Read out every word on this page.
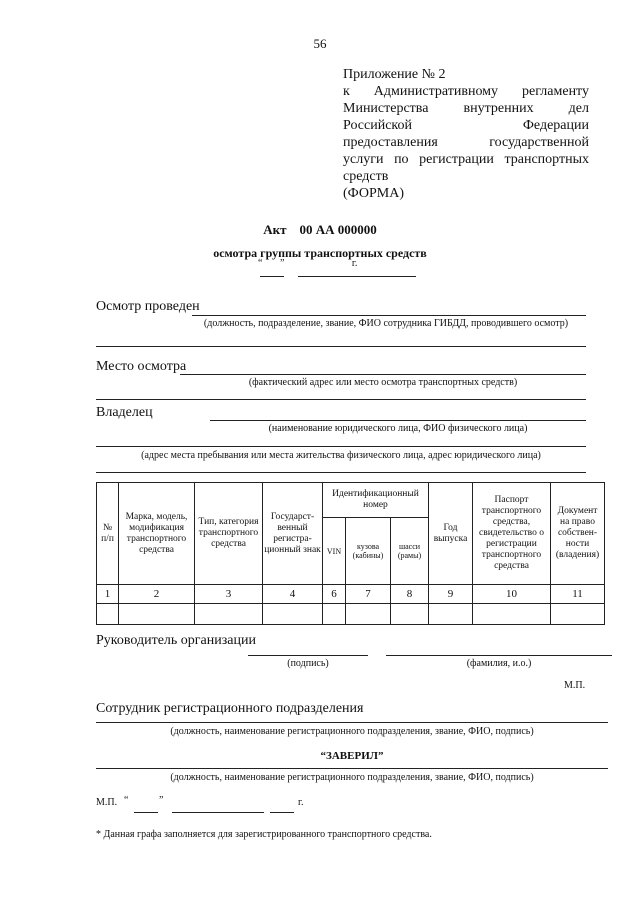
56
Приложение № 2
к Административному регламенту
Министерства внутренних дел
Российской Федерации
предоставления государственной
услуги по регистрации транспортных
средств
(ФОРМА)
Акт    00 АА 000000
осмотра группы транспортных средств
“       ”                           г.
Осмотр проведен
(должность, подразделение, звание, ФИО сотрудника ГИБДД, проводившего осмотр)
Место осмотра
(фактический адрес или место осмотра транспортных средств)
Владелец
(наименование юридического лица, ФИО физического лица)
(адрес места пребывания или места жительства физического лица, адрес юридического лица)
№ п/п	Марка, модель, модификация транспортного средства	Тип, категория транспортного средства	Государст-венный регистра-ционный знак	Идентификационный номер			Год выпуска	Паспорт транспортного средства, свидетельство о регистрации транспортного средства	Документ на право собствен-ности (владения)
				VIN	кузова (кабины)	шасси (рамы)			
1	2	3	4	6	7	8	9	10	11

Руководитель организации
(подпись)	(фамилия, и.о.)
М.П.
Сотрудник регистрационного подразделения
(должность, наименование регистрационного подразделения, звание, ФИО, подпись)
“ЗАВЕРИЛ”
(должность, наименование регистрационного подразделения, звание, ФИО, подпись)
М.П. “	”	г.
* Данная графа заполняется для зарегистрированного транспортного средства.
